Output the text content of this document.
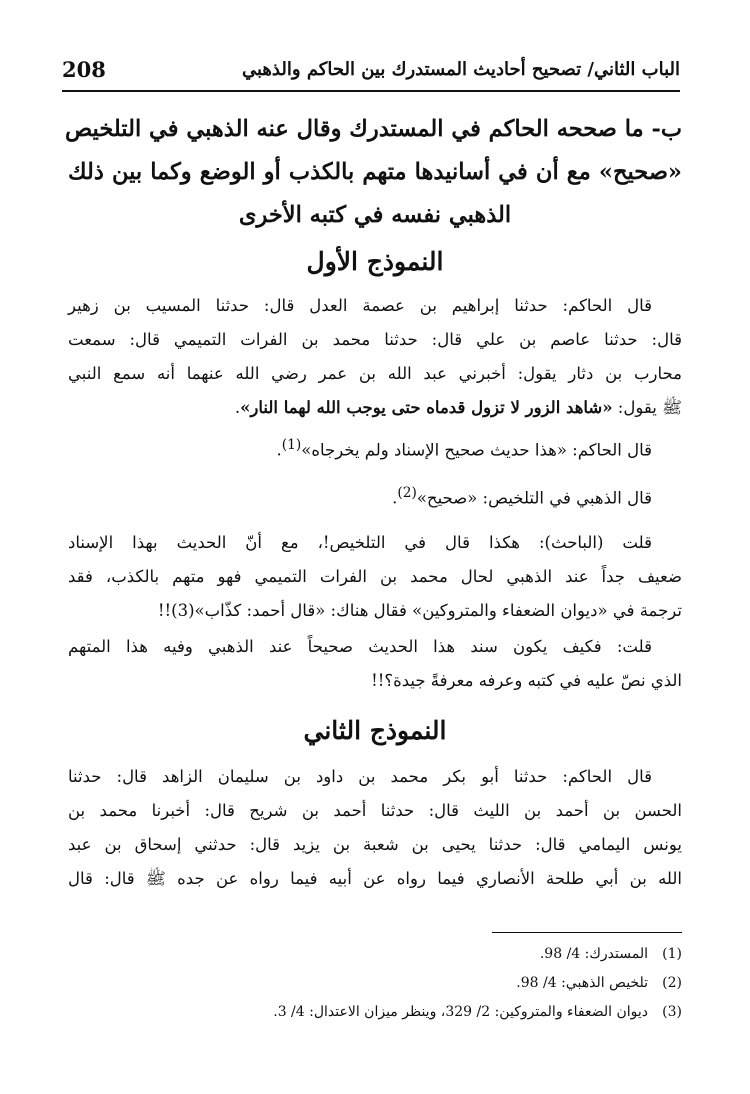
208	الباب الثاني/ تصحيح أحاديث المستدرك بين الحاكم والذهبي
ب- ما صححه الحاكم في المستدرك وقال عنه الذهبي في التلخيص
«صحيح» مع أن في أسانيدها متهم بالكذب أو الوضع وكما بين ذلك
الذهبي نفسه في كتبه الأخرى
النموذج الأول
قال الحاكم: حدثنا إبراهيم بن عصمة العدل قال: حدثنا المسيب بن زهير
قال: حدثنا عاصم بن علي قال: حدثنا محمد بن الفرات التميمي قال: سمعت
محارب بن دثار يقول: أخبرني عبد الله بن عمر رضي الله عنهما أنه سمع النبي
ﷺ يقول: «شاهد الزور لا تزول قدماه حتى يوجب الله لهما النار».
قال الحاكم: «هذا حديث صحيح الإسناد ولم يخرجاه»$^{(1)}$.
قال الذهبي في التلخيص: «صحيح»$^{(2)}$.
قلت (الباحث): هكذا قال في التلخيص!، مع أنّ الحديث بهذا الإسناد
ضعيف جداً عند الذهبي لحال محمد بن الفرات التميمي فهو متهم بالكذب، فقد
ترجمة في «ديوان الضعفاء والمتروكين» فقال هناك: «قال أحمد: كذّاب»(3)!!
قلت: فكيف يكون سند هذا الحديث صحيحاً عند الذهبي وفيه هذا المتهم
الذي نصّ عليه في كتبه وعرفه معرفةً جيدة؟!!
النموذج الثاني
قال الحاكم: حدثنا أبو بكر محمد بن داود بن سليمان الزاهد قال: حدثنا
الحسن بن أحمد بن الليث قال: حدثنا أحمد بن شريح قال: أخبرنا محمد بن
يونس اليمامي قال: حدثنا يحيى بن شعبة بن يزيد قال: حدثني إسحاق بن عبد
الله بن أبي طلحة الأنصاري فيما رواه عن أبيه فيما رواه عن جده ﷺ قال: قال
(1)المستدرك: 4/ 98.
(2)تلخيص الذهبي: 4/ 98.
(3)ديوان الضعفاء والمتروكين: 2/ 329، وينظر ميزان الاعتدال: 4/ 3.
